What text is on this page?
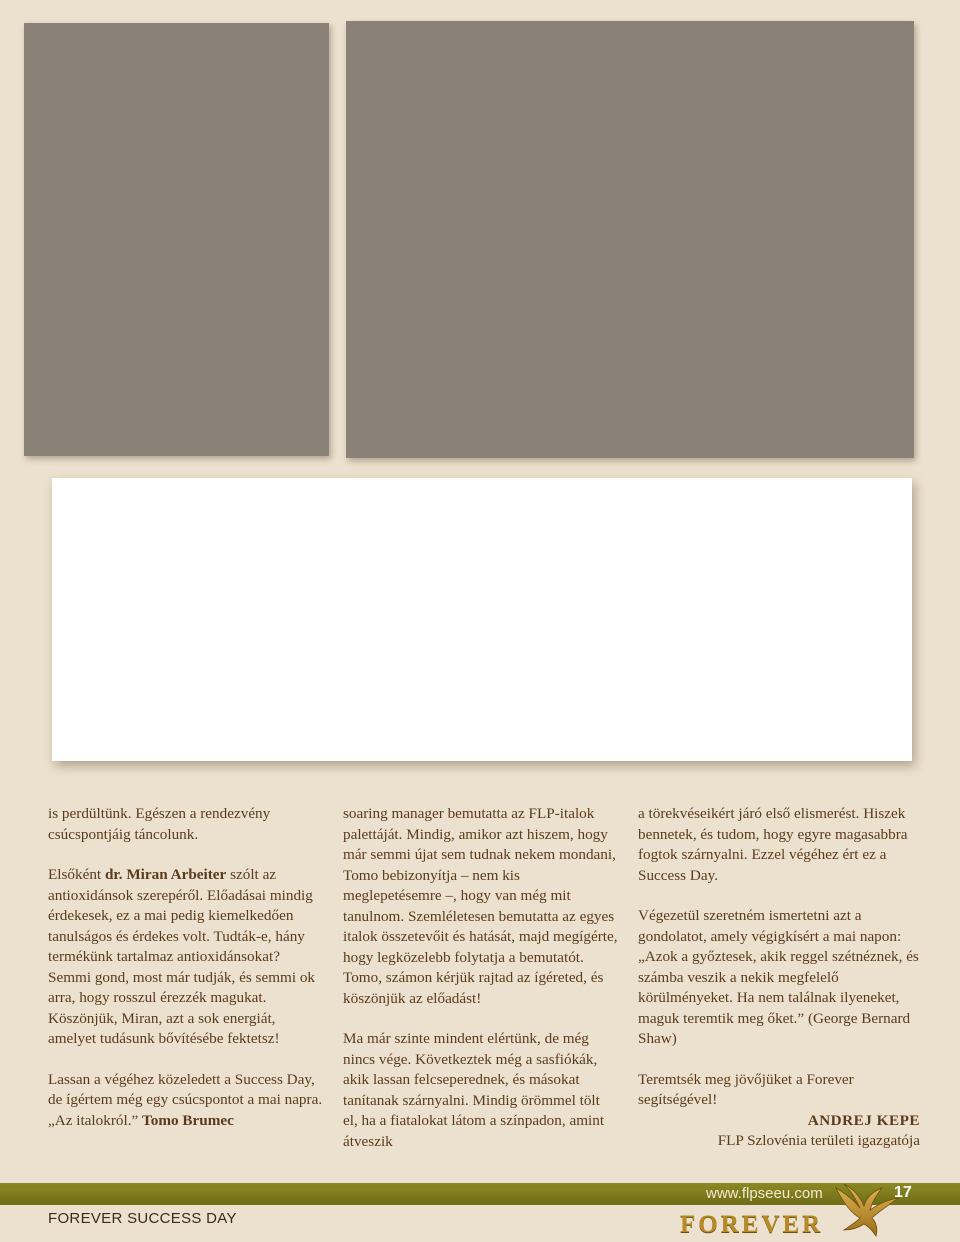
is perdültünk. Egészen a rendezvény csúcspontjáig táncolunk.

Elsőként dr. Miran Arbeiter szólt az antioxidánsok szerepéről. Előadásai mindig érdekesek, ez a mai pedig kiemelkedően tanulságos és érdekes volt. Tudták-e, hány termékünk tartalmaz antioxidánsokat? Semmi gond, most már tudják, és semmi ok arra, hogy rosszul érezzék magukat. Köszönjük, Miran, azt a sok energiát, amelyet tudásunk bővítésébe fektetsz!

Lassan a végéhez közeledett a Success Day, de ígértem még egy csúcspontot a mai napra. „Az italokról.” Tomo Brumec

soaring manager bemutatta az FLP-italok palettáját. Mindig, amikor azt hiszem, hogy már semmi újat sem tudnak nekem mondani, Tomo bebizonyítja – nem kis meglepetésemre –, hogy van még mit tanulnom. Szemléletesen bemutatta az egyes italok összetevőit és hatását, majd megígérte, hogy legközelebb folytatja a bemutatót. Tomo, számon kérjük rajtad az ígéreted, és köszönjük az előadást!

Ma már szinte mindent elértünk, de még nincs vége. Következtek még a sasfiókák, akik lassan felcseperednek, és másokat tanítanak szárnyalni. Mindig örömmel tölt el, ha a fiatalokat látom a színpadon, amint átveszik

a törekvéseikért járó első elismerést. Hiszek bennetek, és tudom, hogy egyre magasabbra fogtok szárnyalni. Ezzel végéhez ért ez a Success Day.

Végezetül szeretném ismertetni azt a gondolatot, amely végigkísért a mai napon: „Azok a győztesek, akik reggel szétnéznek, és számba veszik a nekik megfelelő körülményeket. Ha nem találnak ilyeneket, maguk teremtik meg őket.” (George Bernard Shaw)

Teremtsék meg jövőjüket a Forever segítségével!

ANDREJ KEPE

FLP Szlovénia területi igazgatója

FOREVER SUCCESS DAY
www.flpseeu.com	17
FOREVER
